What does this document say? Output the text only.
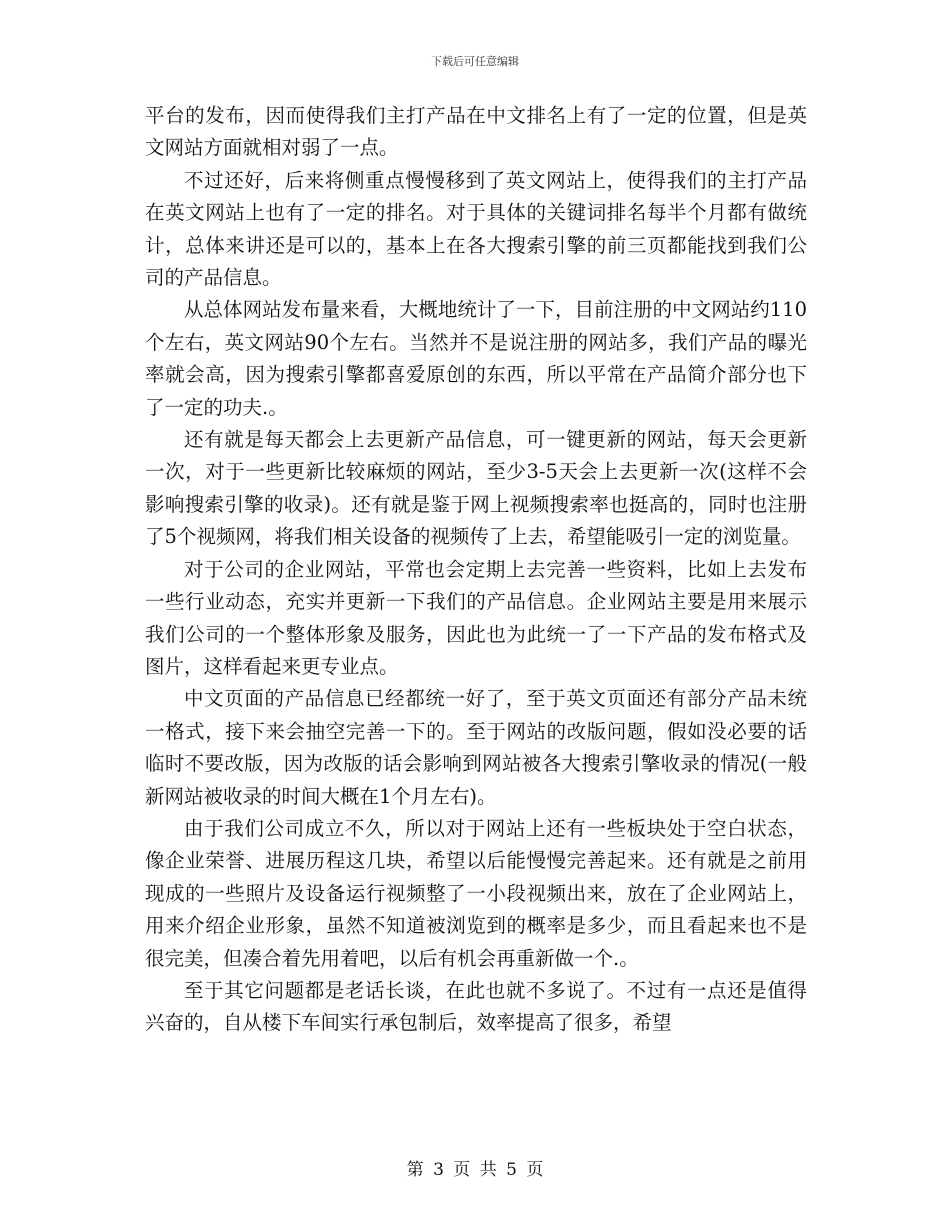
下载后可任意编辑

平台的发布，因而使得我们主打产品在中文排名上有了一定的位置，但是英文网站方面就相对弱了一点。

不过还好，后来将侧重点慢慢移到了英文网站上，使得我们的主打产品在英文网站上也有了一定的排名。对于具体的关键词排名每半个月都有做统计，总体来讲还是可以的，基本上在各大搜索引擎的前三页都能找到我们公司的产品信息。

从总体网站发布量来看，大概地统计了一下，目前注册的中文网站约110个左右，英文网站90个左右。当然并不是说注册的网站多，我们产品的曝光率就会高，因为搜索引擎都喜爱原创的东西，所以平常在产品简介部分也下了一定的功夫.。

还有就是每天都会上去更新产品信息，可一键更新的网站，每天会更新一次，对于一些更新比较麻烦的网站，至少3-5天会上去更新一次(这样不会影响搜索引擎的收录)。还有就是鉴于网上视频搜索率也挺高的，同时也注册了5个视频网，将我们相关设备的视频传了上去，希望能吸引一定的浏览量。

对于公司的企业网站，平常也会定期上去完善一些资料，比如上去发布一些行业动态，充实并更新一下我们的产品信息。企业网站主要是用来展示我们公司的一个整体形象及服务，因此也为此统一了一下产品的发布格式及图片，这样看起来更专业点。

中文页面的产品信息已经都统一好了，至于英文页面还有部分产品未统一格式，接下来会抽空完善一下的。至于网站的改版问题，假如没必要的话临时不要改版，因为改版的话会影响到网站被各大搜索引擎收录的情况(一般新网站被收录的时间大概在1个月左右)。

由于我们公司成立不久，所以对于网站上还有一些板块处于空白状态，像企业荣誉、进展历程这几块，希望以后能慢慢完善起来。还有就是之前用现成的一些照片及设备运行视频整了一小段视频出来，放在了企业网站上，用来介绍企业形象，虽然不知道被浏览到的概率是多少，而且看起来也不是很完美，但凑合着先用着吧，以后有机会再重新做一个.。

至于其它问题都是老话长谈，在此也就不多说了。不过有一点还是值得兴奋的，自从楼下车间实行承包制后，效率提高了很多，希望

第 3 页 共 5 页
